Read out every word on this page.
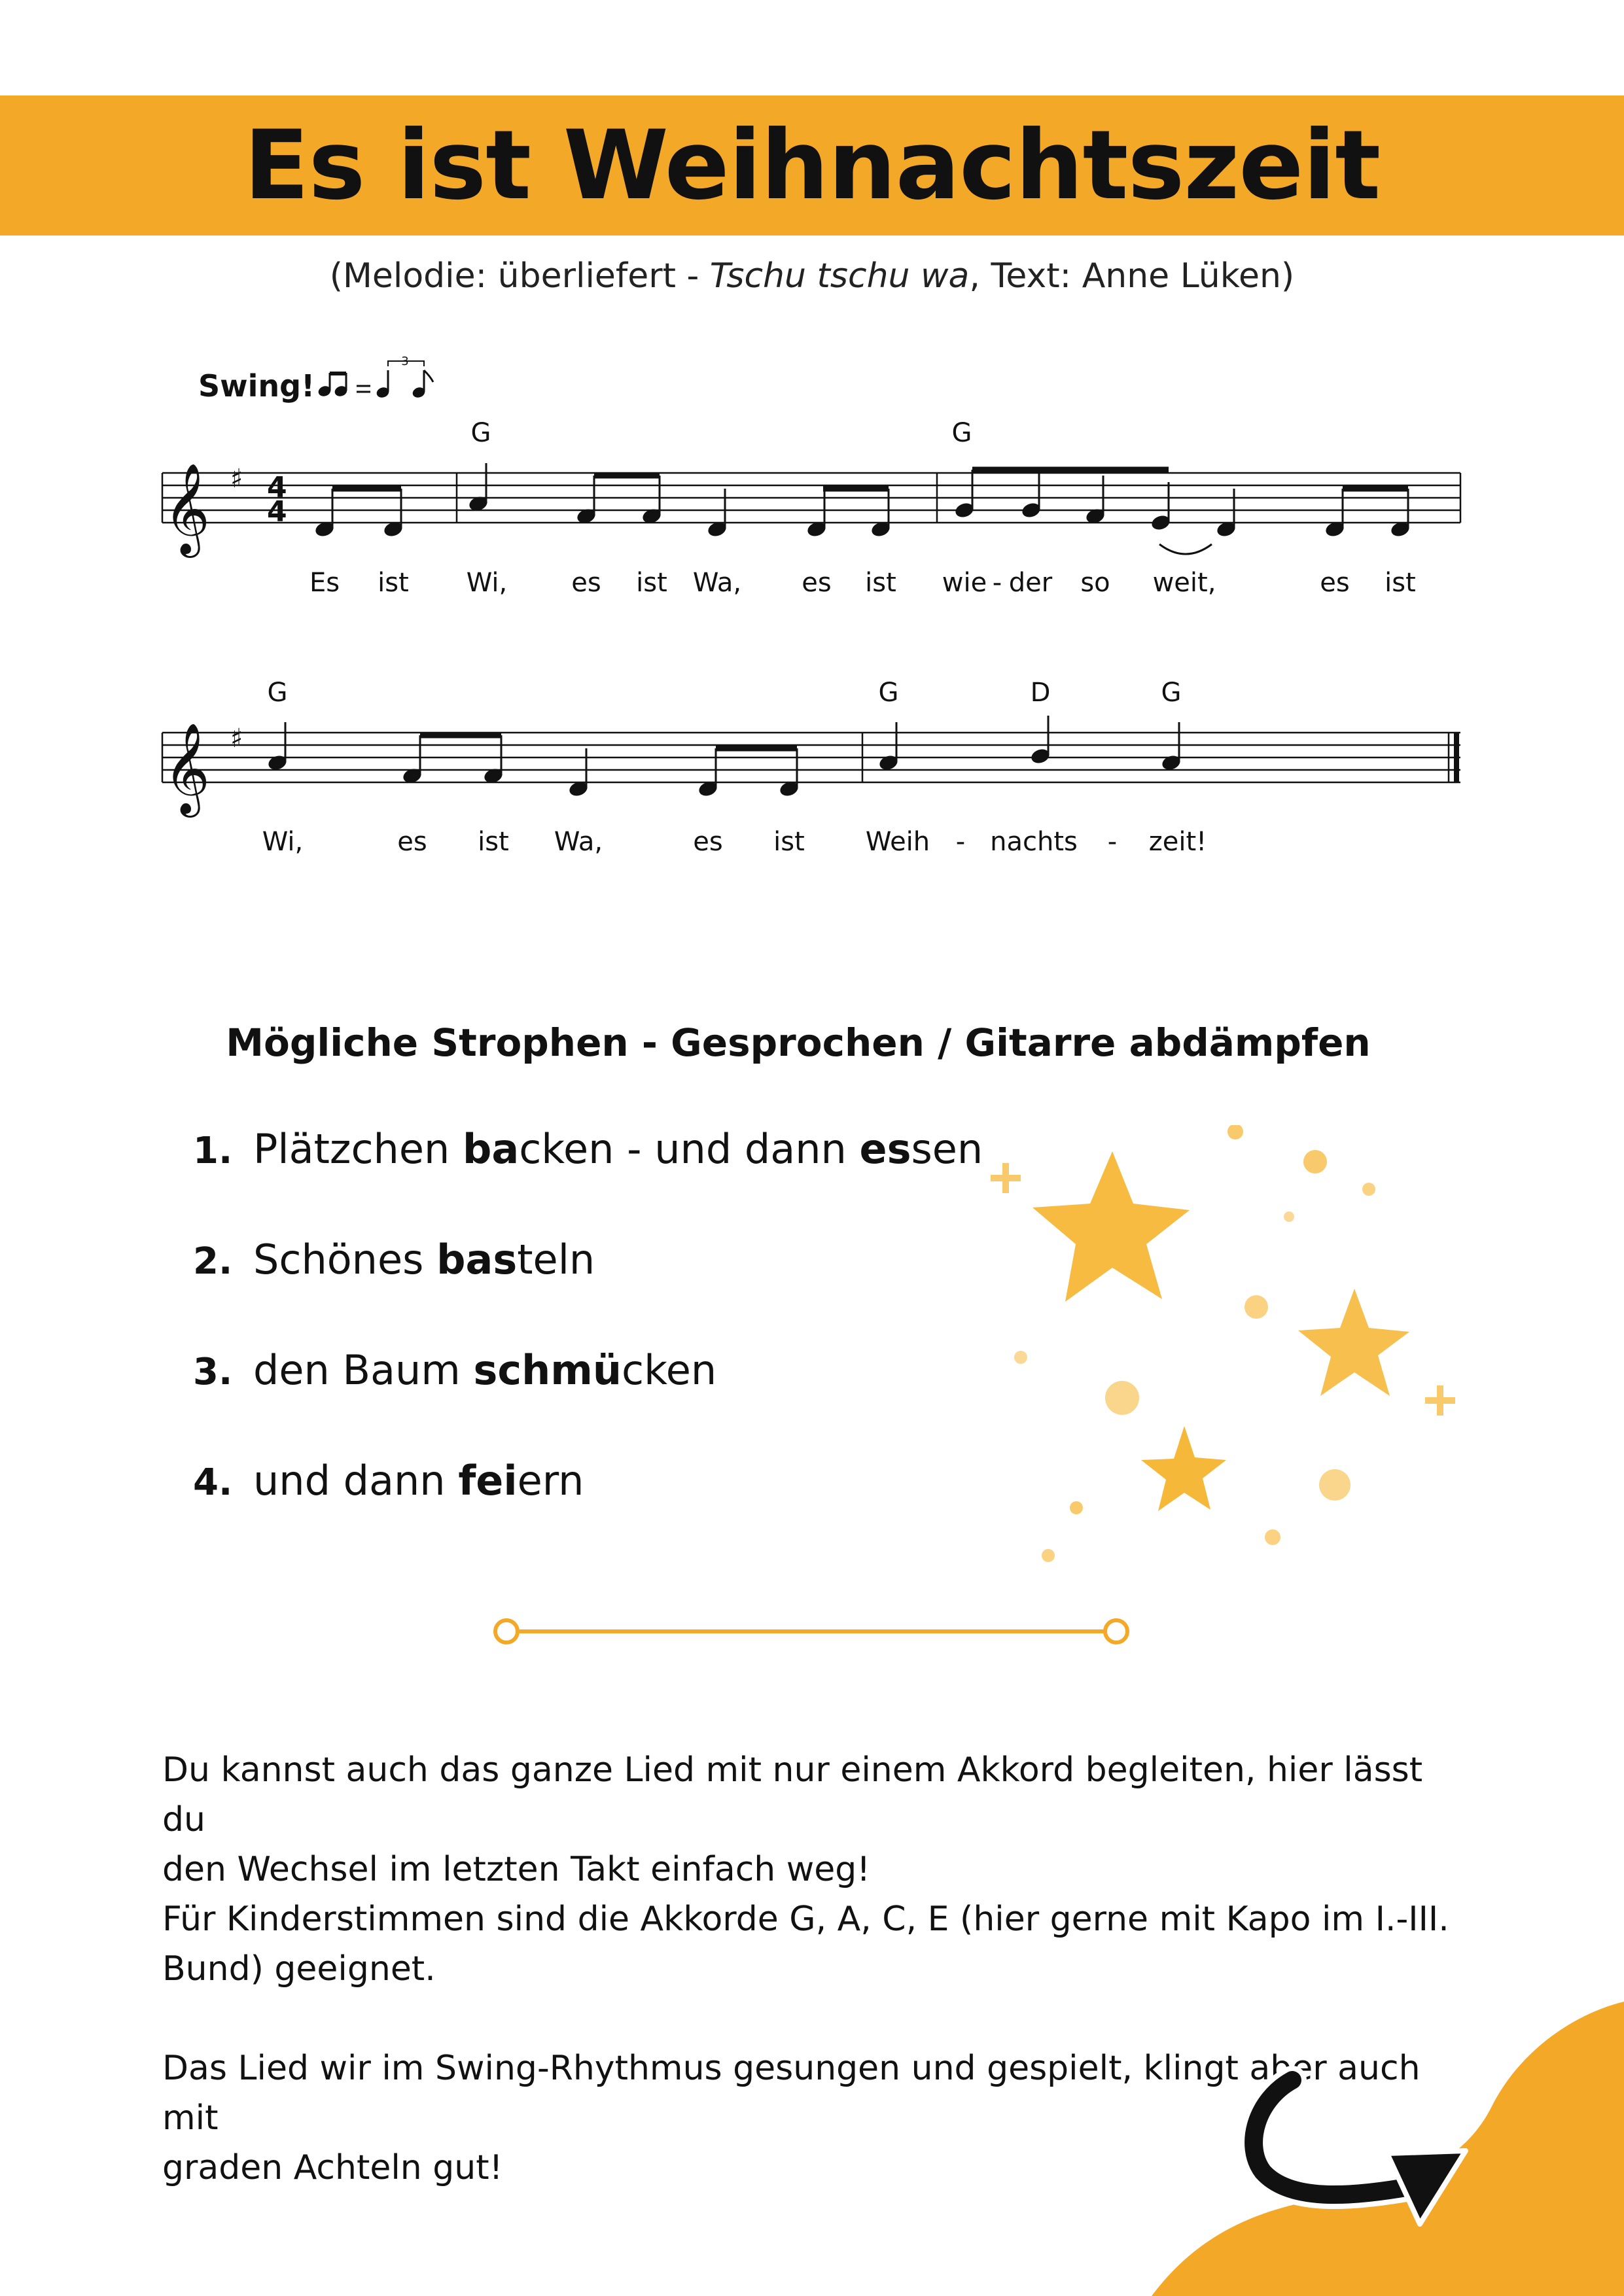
Es ist Weihnachtszeit
(Melodie: überliefert - Tschu tschu wa, Text: Anne Lüken)
Swing!
3
𝄞 ♯ 4
4
𝄞 ♯
G	G
G	G	D	G
Es ist Wi, es ist Wa, es ist wie - der so weit,	es ist
Wi,	es ist Wa,	es ist Weih - nachts - zeit!
Mögliche Strophen - Gesprochen / Gitarre abdämpfen
1. Plätzchen backen - und dann essen
2. Schönes basteln
3. den Baum schmücken
4. und dann feiern

Du kannst auch das ganze Lied mit nur einem Akkord begleiten, hier lässt du

den Wechsel im letzten Takt einfach weg!

Für Kinderstimmen sind die Akkorde G, A, C, E (hier gerne mit Kapo im I.-III.

Bund) geeignet.

Das Lied wir im Swing-Rhythmus gesungen und gespielt, klingt aber auch mit

graden Achteln gut!
